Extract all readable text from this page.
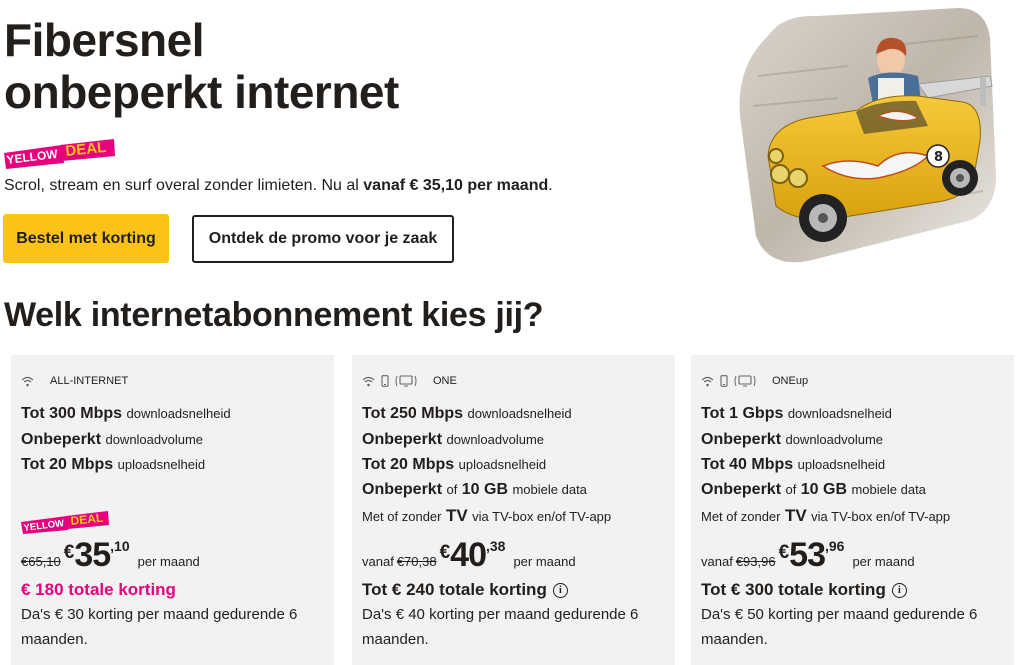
Fibersnel
onbeperkt internet
YELLOW DEAL

Scrol, stream en surf overal zonder limieten. Nu al vanaf € 35,10 per maand.

Bestel met korting	Ontdek de promo voor je zaak
8
Welk internetabonnement kies jij?
ALL-INTERNET
Tot 300 Mbps downloadsnelheid
Onbeperkt downloadvolume
Tot 20 Mbps uploadsnelheid
YELLOW DEAL
€65,10 € 35 ,10
per maand
€ 180 totale korting

Da's € 30 korting per maand gedurende 6 maanden.

ONE
Tot 250 Mbps downloadsnelheid
Onbeperkt downloadvolume
Tot 20 Mbps uploadsnelheid
Onbeperkt of 10 GB mobiele data
Met of zonder TV via TV-box en/of TV-app
vanaf €70,38 € 40 ,38
per maand
Tot € 240 totale korting	i

Da's € 40 korting per maand gedurende 6 maanden.

ONEup
Tot 1 Gbps downloadsnelheid
Onbeperkt downloadvolume
Tot 40 Mbps uploadsnelheid
Onbeperkt of 10 GB mobiele data
Met of zonder TV via TV-box en/of TV-app
vanaf €93,96 € 53 ,96
per maand
Tot € 300 totale korting	i

Da's € 50 korting per maand gedurende 6 maanden.
